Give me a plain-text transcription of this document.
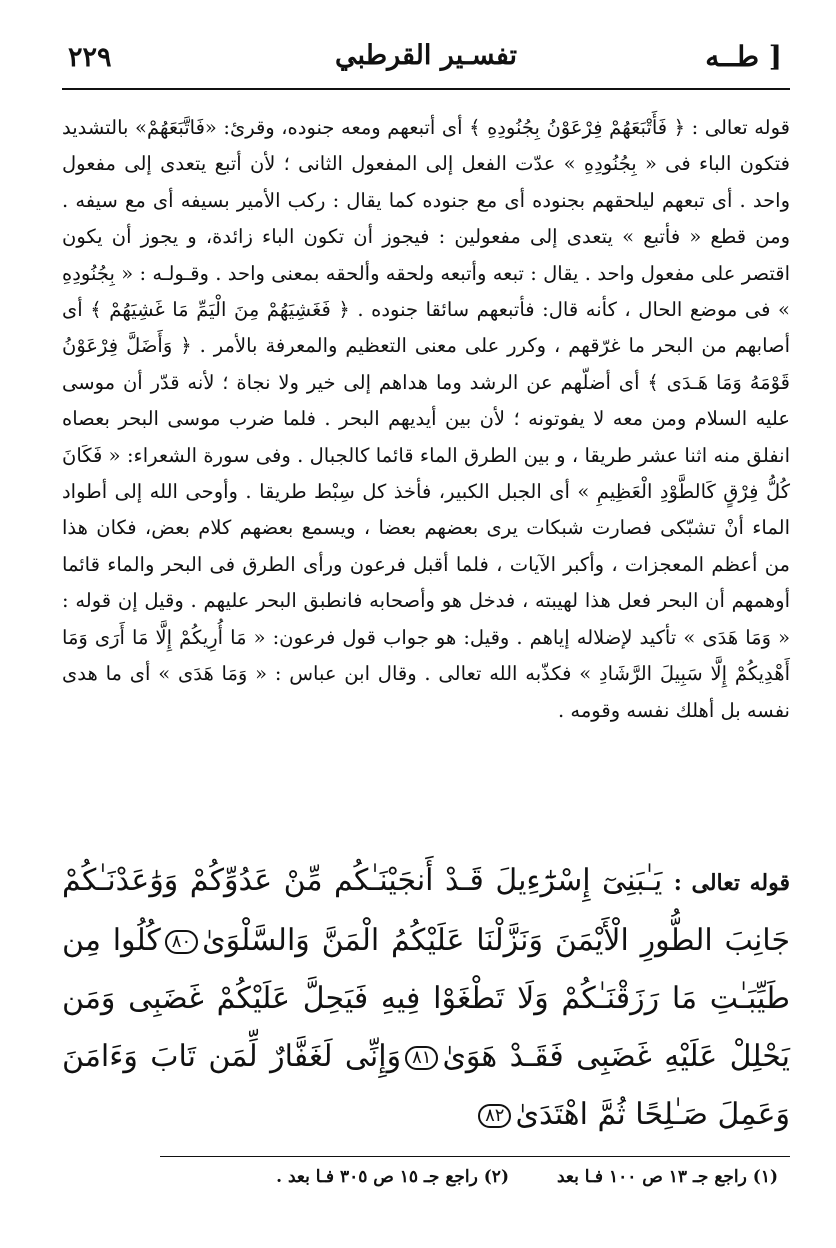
٢٢٩	تفسـير القرطبي	طــه ]

قوله تعالى : ﴿ فَأَتْبَعَهُمْ فِرْعَوْنُ بِجُنُودِهِ ﴾ أى أتبعهم ومعه جنوده، وقرئ: «فَاتَّبَعَهُمْ» بالتشديد فتكون الباء فى « بِجُنُودِهِ » عدّت الفعل إلى المفعول الثانى ؛ لأن أتبع يتعدى إلى مفعول واحد . أى تبعهم ليلحقهم بجنوده أى مع جنوده كما يقال : ركب الأمير بسيفه أى مع سيفه . ومن قطع « فأتبع » يتعدى إلى مفعولين : فيجوز أن تكون الباء زائدة، و يجوز أن يكون اقتصر على مفعول واحد . يقال : تبعه وأتبعه ولحقه وألحقه بمعنى واحد . وقـولـه : « بِجُنُودِهِ » فى موضع الحال ، كأنه قال: فأتبعهم سائقا جنوده . ﴿ فَغَشِيَهُمْ مِنَ الْيَمِّ مَا غَشِيَهُمْ ﴾ أى أصابهم من البحر ما غرّقهم ، وكرر على معنى التعظيم والمعرفة بالأمر . ﴿ وَأَضَلَّ فِرْعَوْنُ قَوْمَهُ وَمَا هَـدَى ﴾ أى أضلّهم عن الرشد وما هداهم إلى خير ولا نجاة ؛ لأنه قدّر أن موسى عليه السلام ومن معه لا يفوتونه ؛ لأن بين أيديهم البحر . فلما ضرب موسى البحر بعصاه انفلق منه اثنا عشر طريقا ، و بين الطرق الماء قائما كالجبال . وفى سورة الشعراء: « فَكَانَ كُلُّ فِرْقٍ كَالطَّوْدِ الْعَظِيمِ » أى الجبل الكبير، فأخذ كل سِبْط طريقا . وأوحى الله إلى أطواد الماء أنْ تشبّكى فصارت شبكات يرى بعضهم بعضا ، ويسمع بعضهم كلام بعض، فكان هذا من أعظم المعجزات ، وأكبر الآيات ، فلما أقبل فرعون ورأى الطرق فى البحر والماء قائما أوهمهم أن البحر فعل هذا لهيبته ، فدخل هو وأصحابه فانطبق البحر عليهم . وقيل إن قوله : « وَمَا هَدَى » تأكيد لإضلاله إياهم . وقيل: هو جواب قول فرعون: « مَا أُرِيكُمْ إِلَّا مَا أَرَى وَمَا أَهْدِيكُمْ إِلَّا سَبِيلَ الرَّشَادِ » فكذّبه الله تعالى . وقال ابن عباس : « وَمَا هَدَى » أى ما هدى نفسه بل أهلك نفسه وقومه .

قوله تعالى : يَـٰبَنِىٓ إِسْرَٰٓءِيلَ قَـدْ أَنجَيْنَـٰكُم مِّنْ عَدُوِّكُمْ وَوَٰعَدْنَـٰكُمْ جَانِبَ الطُّورِ الْأَيْمَنَ وَنَزَّلْنَا عَلَيْكُمُ الْمَنَّ وَالسَّلْوَىٰ٨٠كُلُوا مِن طَيِّبَـٰتِ مَا رَزَقْنَـٰكُمْ وَلَا تَطْغَوْا فِيهِ فَيَحِلَّ عَلَيْكُمْ غَضَبِى وَمَن يَحْلِلْ عَلَيْهِ غَضَبِى فَقَـدْ هَوَىٰ٨١وَإِنِّى لَغَفَّارٌ لِّمَن تَابَ وَءَامَنَ وَعَمِلَ صَـٰلِحًا ثُمَّ اهْتَدَىٰ٨٢
(١) راجع جـ ١٣ ص ١٠٠ فـا بعد
(٢) راجع جـ ١٥ ص ٣٠٥ فـا بعد .
